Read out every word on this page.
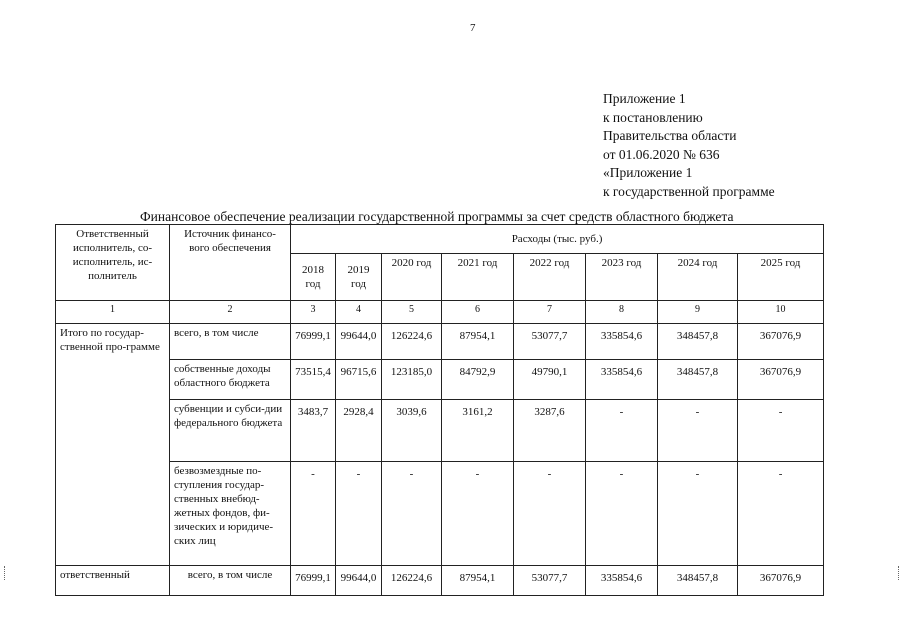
7
Приложение 1
к постановлению
Правительства области
от 01.06.2020 № 636
«Приложение 1
к государственной программе
Финансовое обеспечение реализации государственной программы за счет средств областного бюджета
Ответственный исполнитель, со-исполнитель, ис-полнитель	Источник финансо-вого обеспечения	Расходы (тыс. руб.)							
		2018 год	2019 год	2020 год	2021 год	2022 год	2023 год	2024 год	2025 год
1	2	3	4	5	6	7	8	9	10
Итого по государ-ственной про-грамме	всего, в том числе	76999,1	99644,0	126224,6	87954,1	53077,7	335854,6	348457,8	367076,9
	собственные доходы областного бюджета	73515,4	96715,6	123185,0	84792,9	49790,1	335854,6	348457,8	367076,9
	субвенции и субси-дии федерального бюджета	3483,7	2928,4	3039,6	3161,2	3287,6	-	-	-
	безвозмездные по-ступления государ-ственных внебюд-жетных фондов, фи-зических и юридиче-ских лиц	-	-	-	-	-	-	-	-
ответственный	всего, в том числе	76999,1	99644,0	126224,6	87954,1	53077,7	335854,6	348457,8	367076,9
